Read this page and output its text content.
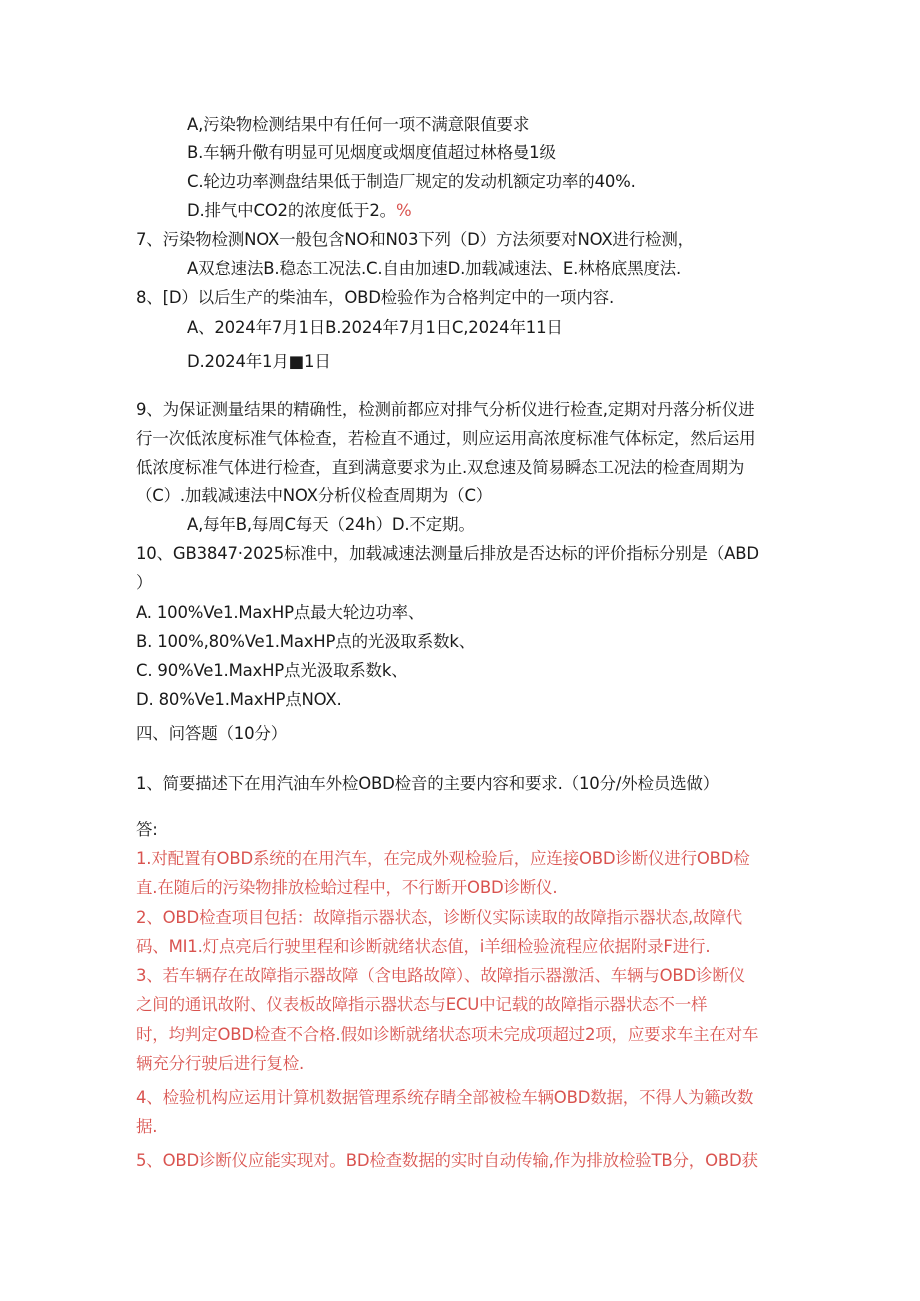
A,污染物检测结果中有任何一项不满意限值要求
B.车辆升儆有明显可见烟度或烟度值超过林格曼1级
C.轮边功率测盘结果低于制造厂规定的发动机额定功率的40%.
D.排气中CO2的浓度低于2。%
7、污染物检测NOX一般包含NO和N03下列（D）方法须要对NOX进行检测，
A双怠速法B.稳态工况法.C.自由加速D.加载减速法、E.林格底黑度法.
8、[D）以后生产的柴油车，OBD检验作为合格判定中的一项内容.
A、2024年7月1日B.2024年7月1日C,2024年11日
D.2024年1月■1日
9、为保证测量结果的精确性，检测前都应对排气分析仪进行检查,定期对丹落分析仪进
行一次低浓度标准气体检查，若检直不通过，则应运用高浓度标准气体标定，然后运用
低浓度标准气体进行检查，直到满意要求为止.双怠速及简易瞬态工况法的检查周期为
（C）.加载减速法中NOX分析仪检查周期为（C）
A,每年B,每周C每天（24h）D.不定期。
10、GB3847·2025标准中，加载减速法测量后排放是否达标的评价指标分别是（ABD
）
A. 100%Ve1.MaxHP点最大轮边功率、
B. 100%,80%Ve1.MaxHP点的光汲取系数k、
C. 90%Ve1.MaxHP点光汲取系数k、
D. 80%Ve1.MaxHP点NOX.
四、问答题（10分）
1、简要描述下在用汽油车外检OBD检音的主要内容和要求.（10分/外检员选做）
答:
1.对配置有OBD系统的在用汽车，在完成外观检验后，应连接OBD诊断仪进行OBD检
直.在随后的污染物排放检蛤过程中，不行断开OBD诊断仪.
2、OBD检查项目包括：故障指示器状态，诊断仪实际读取的故障指示器状态,故障代
码、MI1.灯点亮后行驶里程和诊断就绪状态值，i羊细检验流程应依据附录F进行.
3、若车辆存在故障指示器故障（含电路故障）、故障指示器激活、车辆与OBD诊断仪
之间的通讯故附、仪表板故障指示器状态与ECU中记载的故障指示器状态不一样
时，均判定OBD检查不合格.假如诊断就绪状态项未完成项超过2项，应要求车主在对车
辆充分行驶后进行复检.
4、检验机构应运用计算机数据管理系统存睛全部被检车辆OBD数据，不得人为籁改数
据.
5、OBD诊断仪应能实现对。BD检查数据的实时自动传输,作为排放检验TB分，OBD获
